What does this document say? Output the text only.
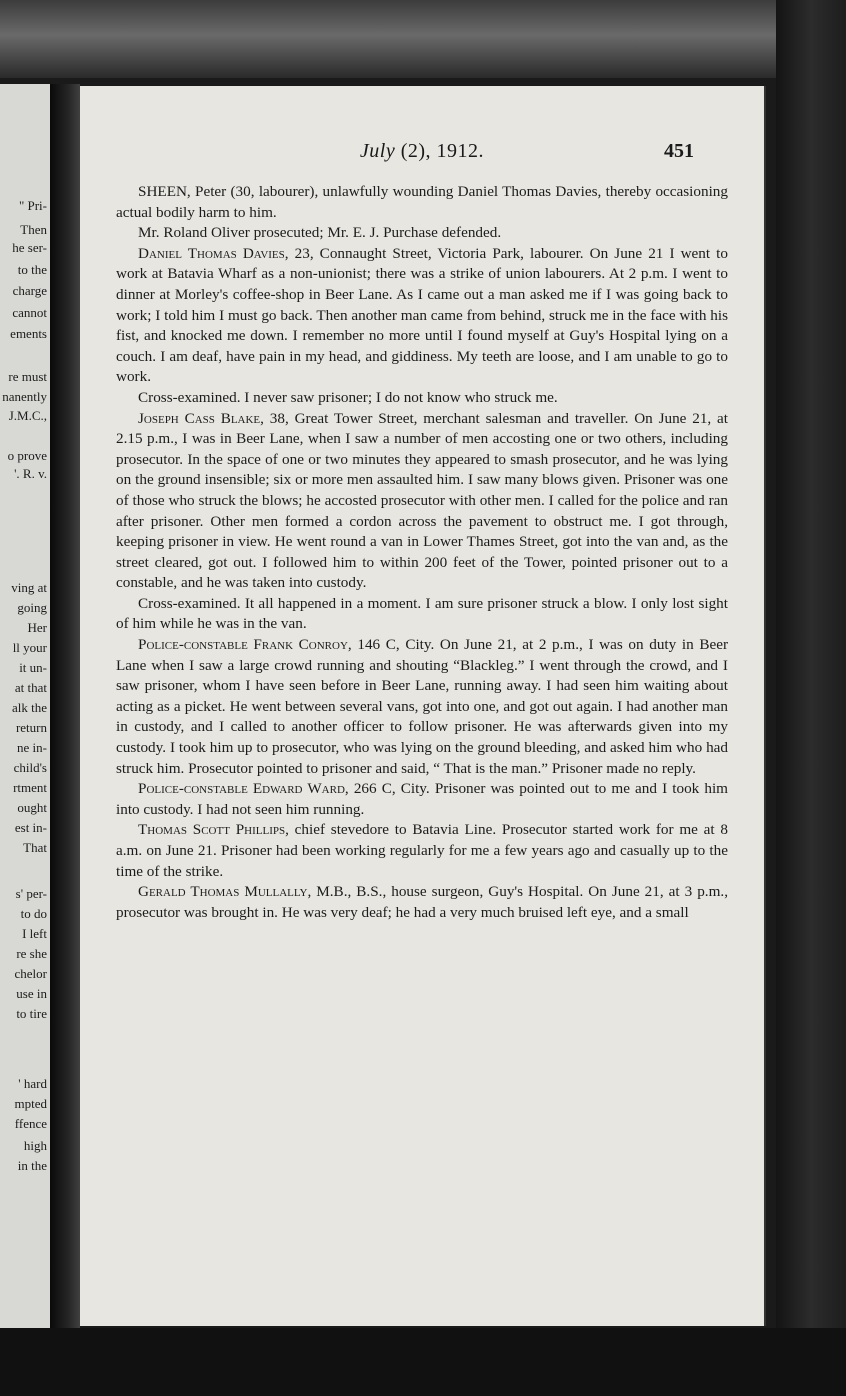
" Pri-
Then
he ser-
to the
charge
cannot
ements
re must
nanently
J.M.C.,
o prove
'. R. v.
ving at
going
Her
ll your
it un-
at that
alk the
return
ne in-
child's
rtment
ought
est in-
That
s' per-
to do
I left
re she
chelor
use in
to tire
' hard
mpted
ffence
high
in the
July (2), 1912.	451

SHEEN, Peter (30, labourer), unlawfully wounding Daniel Thomas Davies, thereby occasioning actual bodily harm to him.

Mr. Roland Oliver prosecuted; Mr. E. J. Purchase defended.

Daniel Thomas Davies, 23, Connaught Street, Victoria Park, labourer. On June 21 I went to work at Batavia Wharf as a non-unionist; there was a strike of union labourers. At 2 p.m. I went to dinner at Morley's coffee-shop in Beer Lane. As I came out a man asked me if I was going back to work; I told him I must go back. Then another man came from behind, struck me in the face with his fist, and knocked me down. I remember no more until I found myself at Guy's Hospital lying on a couch. I am deaf, have pain in my head, and giddiness. My teeth are loose, and I am unable to go to work.

Cross-examined. I never saw prisoner; I do not know who struck me.

Joseph Cass Blake, 38, Great Tower Street, merchant salesman and traveller. On June 21, at 2.15 p.m., I was in Beer Lane, when I saw a number of men accosting one or two others, including prosecutor. In the space of one or two minutes they appeared to smash prosecutor, and he was lying on the ground insensible; six or more men assaulted him. I saw many blows given. Prisoner was one of those who struck the blows; he accosted prosecutor with other men. I called for the police and ran after prisoner. Other men formed a cordon across the pavement to obstruct me. I got through, keeping prisoner in view. He went round a van in Lower Thames Street, got into the van and, as the street cleared, got out. I followed him to within 200 feet of the Tower, pointed prisoner out to a constable, and he was taken into custody.

Cross-examined. It all happened in a moment. I am sure prisoner struck a blow. I only lost sight of him while he was in the van.

Police-constable Frank Conroy, 146 C, City. On June 21, at 2 p.m., I was on duty in Beer Lane when I saw a large crowd running and shouting “Blackleg.” I went through the crowd, and I saw prisoner, whom I have seen before in Beer Lane, running away. I had seen him waiting about acting as a picket. He went between several vans, got into one, and got out again. I had another man in custody, and I called to another officer to follow prisoner. He was afterwards given into my custody. I took him up to prosecutor, who was lying on the ground bleeding, and asked him who had struck him. Prosecutor pointed to prisoner and said, “ That is the man.” Prisoner made no reply.

Police-constable Edward Ward, 266 C, City. Prisoner was pointed out to me and I took him into custody. I had not seen him running.

Thomas Scott Phillips, chief stevedore to Batavia Line. Prosecutor started work for me at 8 a.m. on June 21. Prisoner had been working regularly for me a few years ago and casually up to the time of the strike.

Gerald Thomas Mullally, M.B., B.S., house surgeon, Guy's Hospital. On June 21, at 3 p.m., prosecutor was brought in. He was very deaf; he had a very much bruised left eye, and a small
